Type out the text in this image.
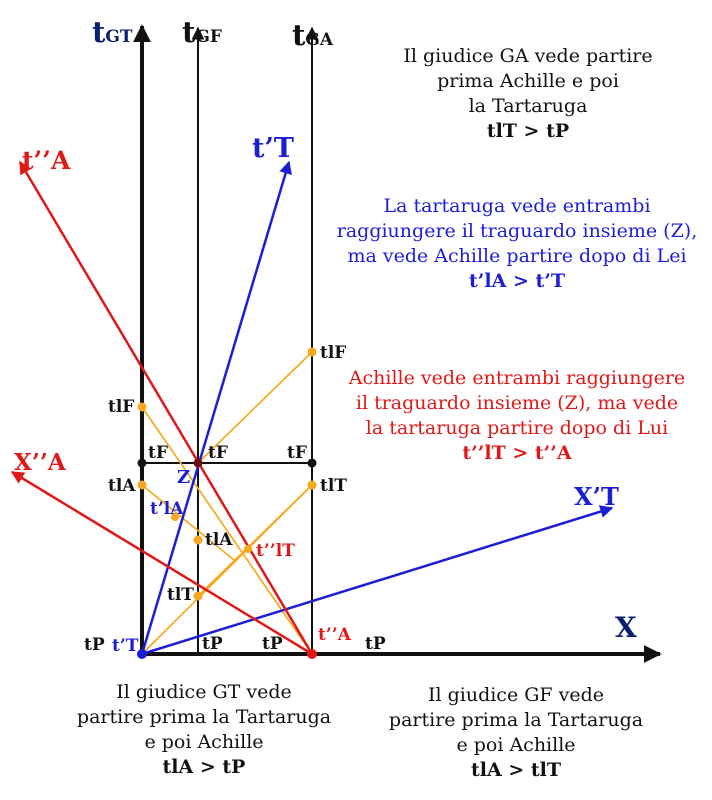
tGT tGF tGA
X
t’T
t’’A
X’T
X’’A
Z
tF tF	tF
tlF
tlF
tlA
tlA
tlT
tlT
t’lA
t’’lT
tP	tP tP	tP
t’T
t’’A
Il giudice GA vede partire
prima Achille e poi
la Tartaruga
tlT > tP
La tartaruga vede entrambi
raggiungere il traguardo insieme (Z),
ma vede Achille partire dopo di Lei
t’lA > t’T
Achille vede entrambi raggiungere
il traguardo insieme (Z), ma vede
la tartaruga partire dopo di Lui
t’’lT > t’’A
Il giudice GT vede
partire prima la Tartaruga
e poi Achille
tlA > tP
Il giudice GF vede
partire prima la Tartaruga
e poi Achille
tlA > tlT
